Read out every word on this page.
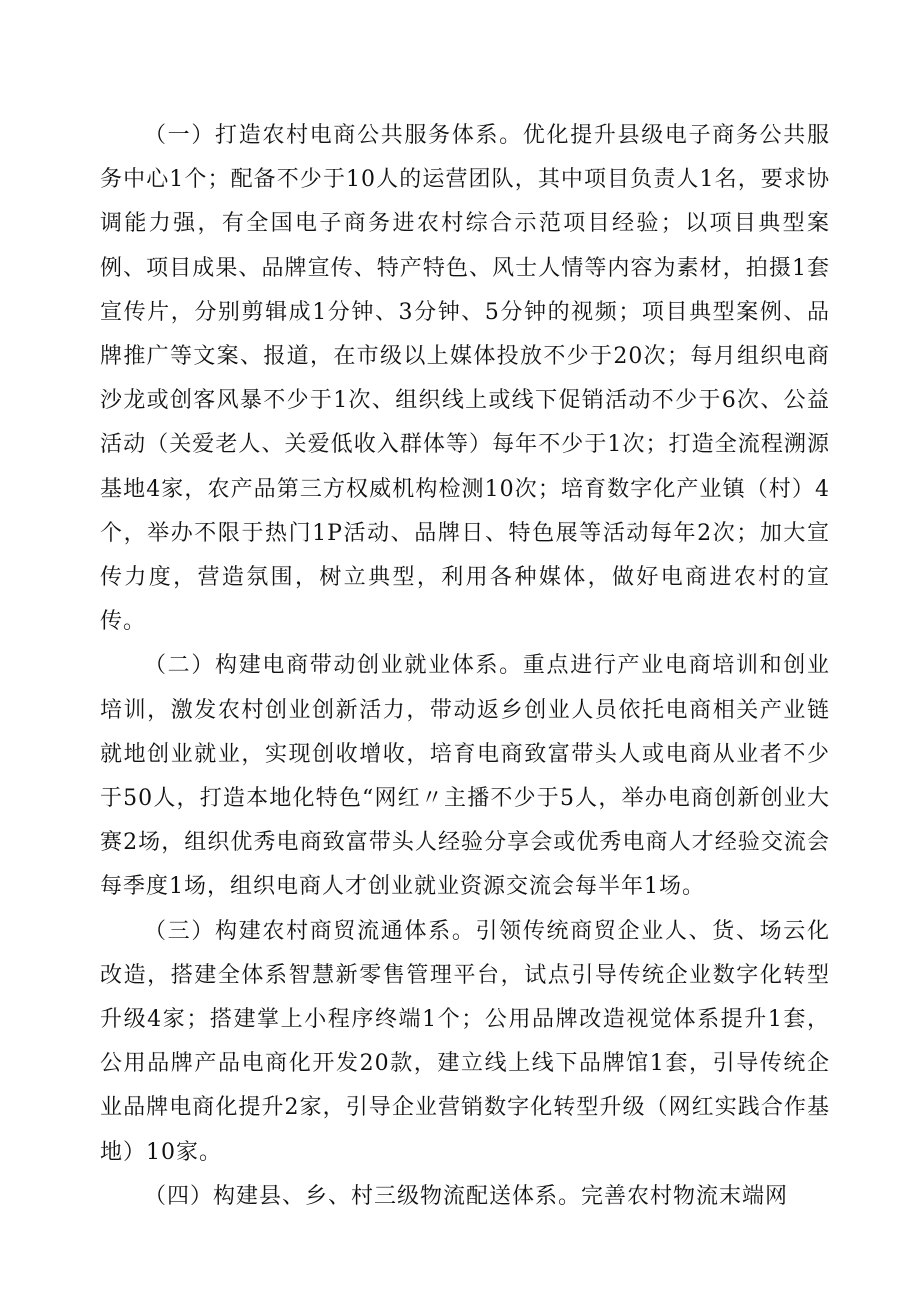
（一）打造农村电商公共服务体系。优化提升县级电子商务公共服务中心1个；配备不少于10人的运营团队，其中项目负责人1名，要求协调能力强，有全国电子商务进农村综合示范项目经验；以项目典型案例、项目成果、品牌宣传、特产特色、风士人情等内容为素材，拍摄1套宣传片，分别剪辑成1分钟、3分钟、5分钟的视频；项目典型案例、品牌推广等文案、报道，在市级以上媒体投放不少于20次；每月组织电商沙龙或创客风暴不少于1次、组织线上或线下促销活动不少于6次、公益活动（关爱老人、关爱低收入群体等）每年不少于1次；打造全流程溯源基地4家，农产品第三方权威机构检测10次；培育数字化产业镇（村）4个，举办不限于热门1P活动、品牌日、特色展等活动每年2次；加大宣传力度，营造氛围，树立典型，利用各种媒体，做好电商进农村的宣传。

（二）构建电商带动创业就业体系。重点进行产业电商培训和创业培训，激发农村创业创新活力，带动返乡创业人员依托电商相关产业链就地创业就业，实现创收增收，培育电商致富带头人或电商从业者不少于50人，打造本地化特色“网红〃主播不少于5人，举办电商创新创业大赛2场，组织优秀电商致富带头人经验分享会或优秀电商人才经验交流会每季度1场，组织电商人才创业就业资源交流会每半年1场。

（三）构建农村商贸流通体系。引领传统商贸企业人、货、场云化改造，搭建全体系智慧新零售管理平台，试点引导传统企业数字化转型升级4家；搭建掌上小程序终端1个；公用品牌改造视觉体系提升1套，公用品牌产品电商化开发20款，建立线上线下品牌馆1套，引导传统企业品牌电商化提升2家，引导企业营销数字化转型升级（网红实践合作基地）10家。

（四）构建县、乡、村三级物流配送体系。完善农村物流末端网
